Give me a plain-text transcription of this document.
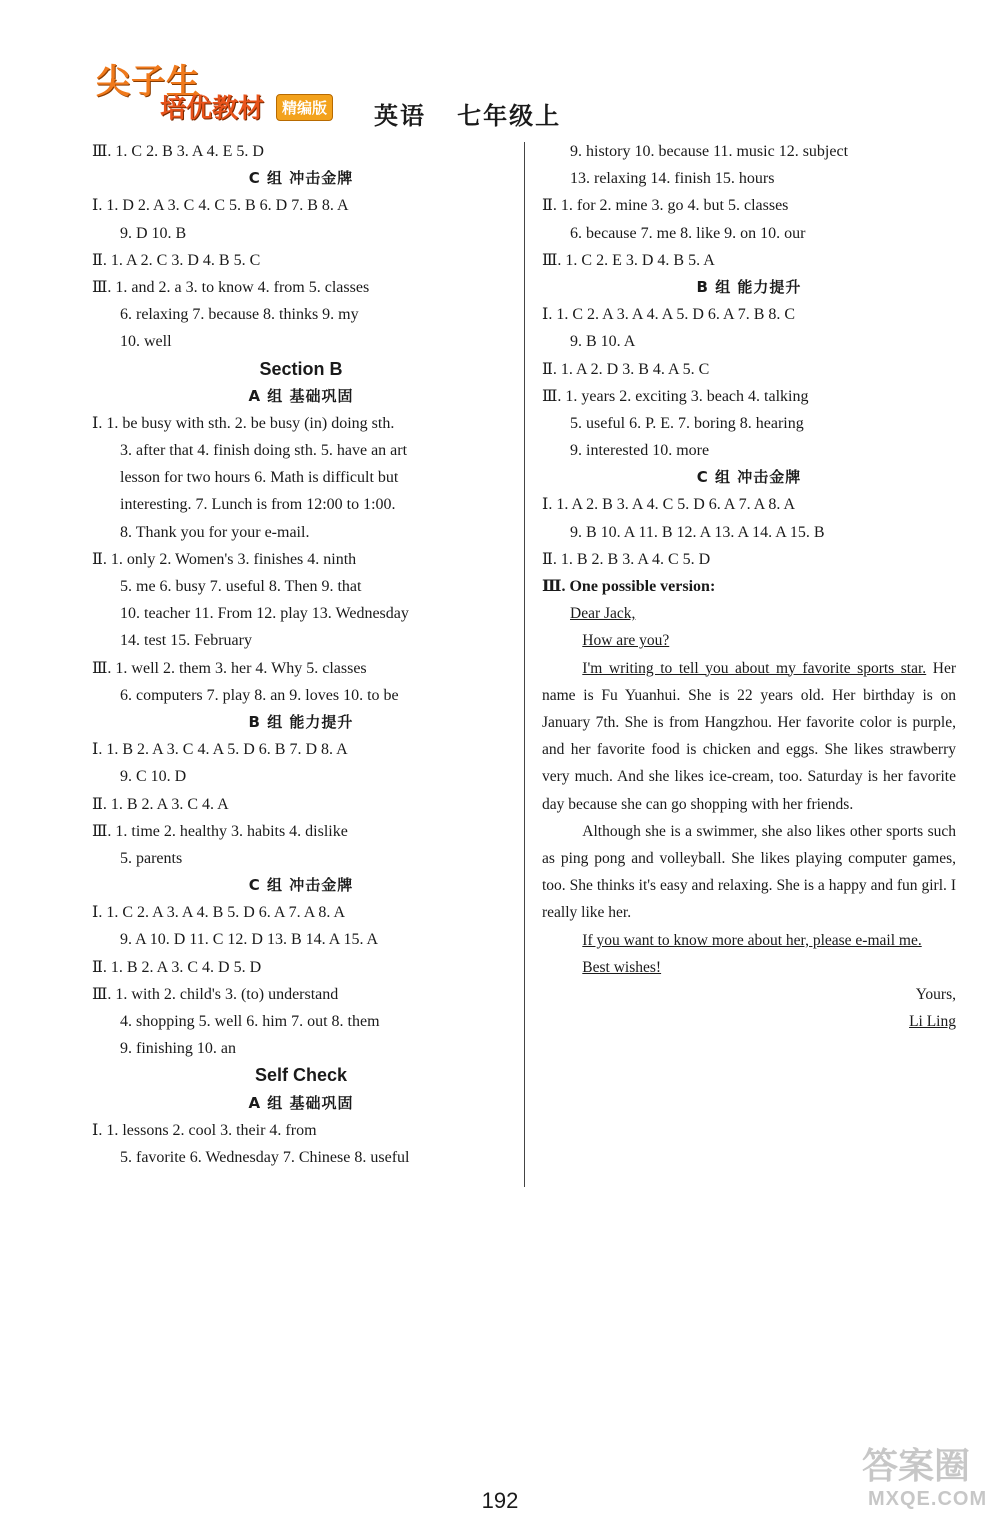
尖子生
培优教材	精编版 英语   七年级上
Ⅲ. 1. C 2. B 3. A 4. E 5. D
C 组 冲击金牌
Ⅰ. 1. D 2. A 3. C 4. C 5. B 6. D 7. B 8. A
9. D 10. B
Ⅱ. 1. A 2. C 3. D 4. B 5. C
Ⅲ. 1. and 2. a 3. to know 4. from 5. classes
6. relaxing 7. because 8. thinks 9. my
10. well
Section B
A 组 基础巩固
Ⅰ. 1. be busy with sth. 2. be busy (in) doing sth.
3. after that 4. finish doing sth. 5. have an art
lesson for two hours 6. Math is difficult but
interesting. 7. Lunch is from 12:00 to 1:00.
8. Thank you for your e-mail.
Ⅱ. 1. only 2. Women's 3. finishes 4. ninth
5. me 6. busy 7. useful 8. Then 9. that
10. teacher 11. From 12. play 13. Wednesday
14. test 15. February
Ⅲ. 1. well 2. them 3. her 4. Why 5. classes
6. computers 7. play 8. an 9. loves 10. to be
B 组 能力提升
Ⅰ. 1. B 2. A 3. C 4. A 5. D 6. B 7. D 8. A
9. C 10. D
Ⅱ. 1. B 2. A 3. C 4. A
Ⅲ. 1. time 2. healthy 3. habits 4. dislike
5. parents
C 组 冲击金牌
Ⅰ. 1. C 2. A 3. A 4. B 5. D 6. A 7. A 8. A
9. A 10. D 11. C 12. D 13. B 14. A 15. A
Ⅱ. 1. B 2. A 3. C 4. D 5. D
Ⅲ. 1. with 2. child's 3. (to) understand
4. shopping 5. well 6. him 7. out 8. them
9. finishing 10. an
Self Check
A 组 基础巩固
Ⅰ. 1. lessons 2. cool 3. their 4. from
5. favorite 6. Wednesday 7. Chinese 8. useful
9. history 10. because 11. music 12. subject
13. relaxing 14. finish 15. hours
Ⅱ. 1. for 2. mine 3. go 4. but 5. classes
6. because 7. me 8. like 9. on 10. our
Ⅲ. 1. C 2. E 3. D 4. B 5. A
B 组 能力提升
Ⅰ. 1. C 2. A 3. A 4. A 5. D 6. A 7. B 8. C
9. B 10. A
Ⅱ. 1. A 2. D 3. B 4. A 5. C
Ⅲ. 1. years 2. exciting 3. beach 4. talking
5. useful 6. P. E. 7. boring 8. hearing
9. interested 10. more
C 组 冲击金牌
Ⅰ. 1. A 2. B 3. A 4. C 5. D 6. A 7. A 8. A
9. B 10. A 11. B 12. A 13. A 14. A 15. B
Ⅱ. 1. B 2. B 3. A 4. C 5. D
Ⅲ. One possible version:

Dear Jack,

How are you?

I'm writing to tell you about my favorite sports star. Her name is Fu Yuanhui. She is 22 years old. Her birthday is on January 7th. She is from Hangzhou. Her favorite color is purple, and her favorite food is chicken and eggs. She likes strawberry very much. And she likes ice-cream, too. Saturday is her favorite day because she can go shopping with her friends.

Although she is a swimmer, she also likes other sports such as ping pong and volleyball. She likes playing computer games, too. She thinks it's easy and relaxing. She is a happy and fun girl. I really like her.

If you want to know more about her, please e-mail me.

Best wishes!

Yours,

Li Ling

192
答案圈
MXQE.COM
